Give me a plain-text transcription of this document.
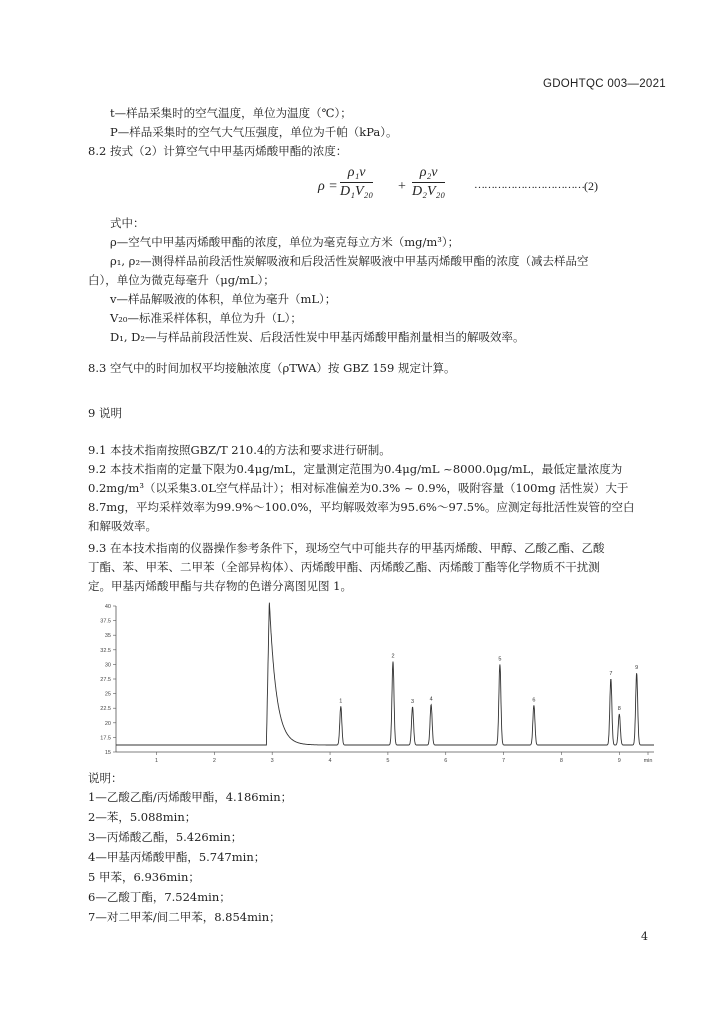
GDOHTQC 003—2021
t—样品采集时的空气温度，单位为温度（℃）；
P—样品采集时的空气大气压强度，单位为千帕（kPa）。
8.2 按式（2）计算空气中甲基丙烯酸甲酯的浓度：
$\rho = \frac{\text{ρ₁v}}{\text{D₁V₂₀}} + \frac{\text{ρ₂v}}{\text{D₂V₂₀}}$	…………………………… (2)
式中：
ρ—空气中甲基丙烯酸甲酯的浓度，单位为毫克每立方米（mg/m³）；
ρ₁, ρ₂—测得样品前段活性炭解吸液和后段活性炭解吸液中甲基丙烯酸甲酯的浓度（减去样品空
白），单位为微克每毫升（μg/mL）；
v—样品解吸液的体积，单位为毫升（mL）；
V₂₀—标准采样体积，单位为升（L）；
D₁, D₂—与样品前段活性炭、后段活性炭中甲基丙烯酸甲酯剂量相当的解吸效率。
8.3 空气中的时间加权平均接触浓度（ρTWA）按 GBZ 159 规定计算。
9 说明
9.1 本技术指南按照GBZ/T 210.4的方法和要求进行研制。
9.2 本技术指南的定量下限为0.4μg/mL，定量测定范围为0.4μg/mL ~8000.0μg/mL，最低定量浓度为
0.2mg/m³（以采集3.0L空气样品计）；相对标准偏差为0.3% ~ 0.9%，吸附容量（100mg 活性炭）大于
8.7mg，平均采样效率为99.9%～100.0%，平均解吸效率为95.6%～97.5%。应测定每批活性炭管的空白
和解吸效率。
9.3 在本技术指南的仪器操作参考条件下，现场空气中可能共存的甲基丙烯酸、甲醇、乙酸乙酯、乙酸
丁酯、苯、甲苯、二甲苯（全部异构体）、丙烯酸甲酯、丙烯酸乙酯、丙烯酸丁酯等化学物质不干扰测
定。甲基丙烯酸甲酯与共存物的色谱分离图见图 1。
40
37.5
35
32.5
30
27.5
25
22.5
20
17.5
15
1	2	3	4	5	6	7	8	9	min
1
2
3	4
5
6
7
8
9
说明：
1—乙酸乙酯/丙烯酸甲酯，4.186min；
2—苯，5.088min；
3—丙烯酸乙酯，5.426min；
4—甲基丙烯酸甲酯，5.747min；
5 甲苯，6.936min；
6—乙酸丁酯，7.524min；
7—对二甲苯/间二甲苯，8.854min；
4
